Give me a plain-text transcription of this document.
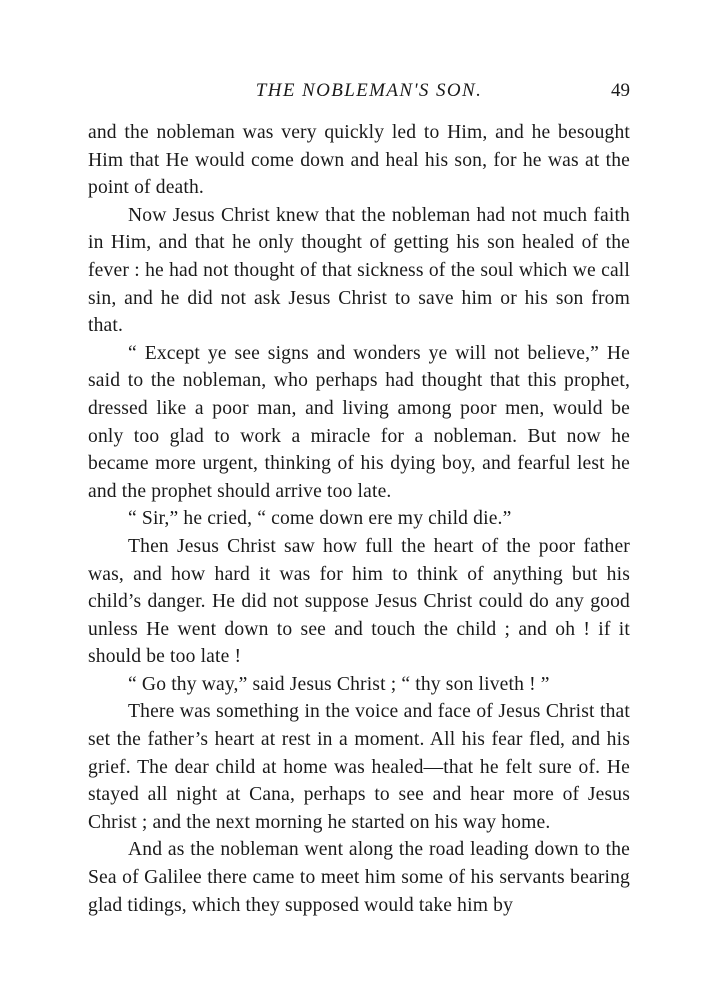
THE NOBLEMAN'S SON.	49

and the nobleman was very quickly led to Him, and he besought Him that He would come down and heal his son, for he was at the point of death.

Now Jesus Christ knew that the nobleman had not much faith in Him, and that he only thought of getting his son healed of the fever : he had not thought of that sickness of the soul which we call sin, and he did not ask Jesus Christ to save him or his son from that.

“ Except ye see signs and wonders ye will not believe,” He said to the nobleman, who perhaps had thought that this prophet, dressed like a poor man, and living among poor men, would be only too glad to work a miracle for a nobleman. But now he became more urgent, thinking of his dying boy, and fearful lest he and the prophet should arrive too late.

“ Sir,” he cried, “ come down ere my child die.”

Then Jesus Christ saw how full the heart of the poor father was, and how hard it was for him to think of anything but his child’s danger. He did not suppose Jesus Christ could do any good unless He went down to see and touch the child ; and oh ! if it should be too late !

“ Go thy way,” said Jesus Christ ; “ thy son liveth ! ”

There was something in the voice and face of Jesus Christ that set the father’s heart at rest in a moment. All his fear fled, and his grief. The dear child at home was healed—that he felt sure of. He stayed all night at Cana, perhaps to see and hear more of Jesus Christ ; and the next morning he started on his way home.

And as the nobleman went along the road leading down to the Sea of Galilee there came to meet him some of his servants bearing glad tidings, which they supposed would take him by
